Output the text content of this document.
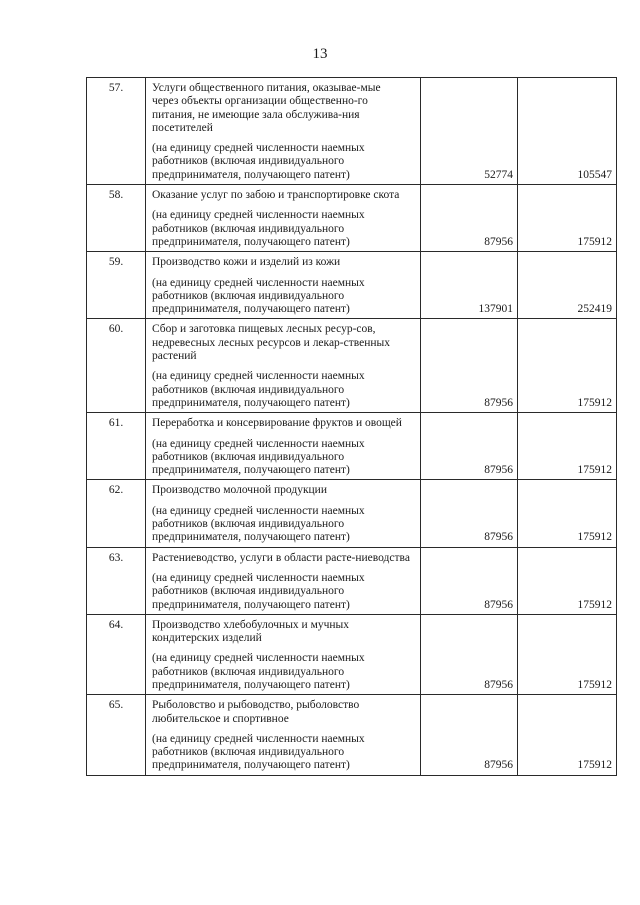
13
57.	Услуги общественного питания, оказывае-мые через объекты организации общественно-го питания, не имеющие зала обслужива-ния посетителей
(на единицу средней численности наемных работников (включая индивидуального предпринимателя, получающего патент)	52774	105547
58.	Оказание услуг по забою и транспортировке скота
(на единицу средней численности наемных работников (включая индивидуального предпринимателя, получающего патент)	87956	175912
59.	Производство кожи и изделий из кожи
(на единицу средней численности наемных работников (включая индивидуального предпринимателя, получающего патент)	137901	252419
60.	Сбор и заготовка пищевых лесных ресур-сов, недревесных лесных ресурсов и лекар-ственных растений
(на единицу средней численности наемных работников (включая индивидуального предпринимателя, получающего патент)	87956	175912
61.	Переработка и консервирование фруктов и овощей
(на единицу средней численности наемных работников (включая индивидуального предпринимателя, получающего патент)	87956	175912
62.	Производство молочной продукции
(на единицу средней численности наемных работников (включая индивидуального предпринимателя, получающего патент)	87956	175912
63.	Растениеводство, услуги в области расте-ниеводства
(на единицу средней численности наемных работников (включая индивидуального предпринимателя, получающего патент)	87956	175912
64.	Производство хлебобулочных и мучных кондитерских изделий
(на единицу средней численности наемных работников (включая индивидуального предпринимателя, получающего патент)	87956	175912
65.	Рыболовство и рыбоводство, рыболовство любительское и спортивное
(на единицу средней численности наемных работников (включая индивидуального предпринимателя, получающего патент)	87956	175912
